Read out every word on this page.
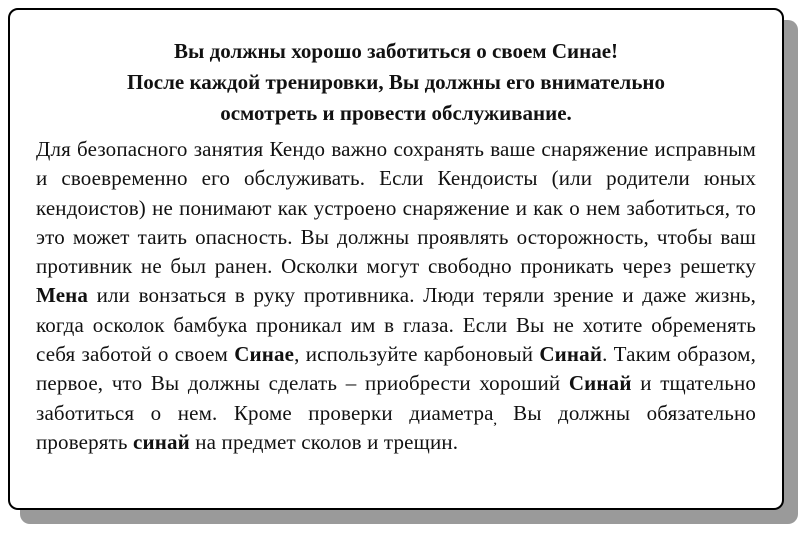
Вы должны хорошо заботиться о своем Синае!
После каждой тренировки, Вы должны его внимательно
осмотреть и провести обслуживание.

Для безопасного занятия Кендо важно сохранять ваше снаряжение исправным и своевременно его обслуживать. Если Кендоисты (или родители юных кендоистов) не понимают как устроено снаряжение и как о нем заботиться, то это может таить опасность. Вы должны проявлять осторожность, чтобы ваш противник не был ранен. Осколки могут свободно проникать через решетку Мена или вонзаться в руку противника. Люди теряли зрение и даже жизнь, когда осколок бамбука проникал им в глаза. Если Вы не хотите обременять себя заботой о своем Синае, используйте карбоновый Синай. Таким образом, первое, что Вы должны сделать – приобрести хороший Синай и тщательно заботиться о нем. Кроме проверки диаметра$_,$ Вы должны обязательно проверять синай на предмет сколов и трещин.
